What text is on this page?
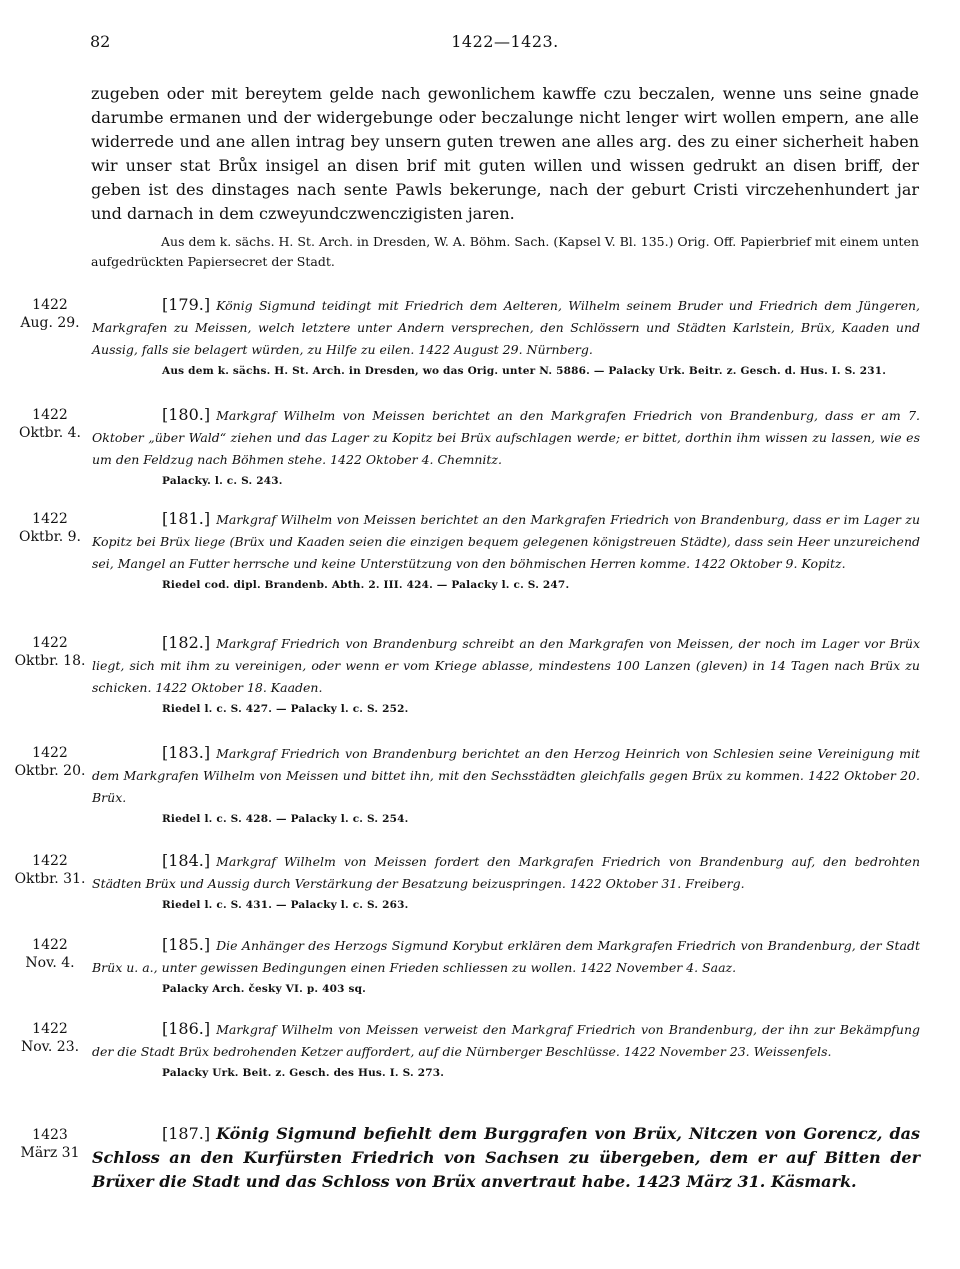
82	1422—1423.

zugeben oder mit bereytem gelde nach gewonlichem kawffe czu beczalen, wenne uns seine gnade darumbe ermanen und der widergebunge oder beczalunge nicht lenger wirt wollen empern, ane alle widerrede und ane allen intrag bey unsern guten trewen ane alles arg. des zu einer sicherheit haben wir unser stat Brůx insigel an disen brif mit guten willen und wissen gedrukt an disen briff, der geben ist des dinstages nach sente Pawls bekerunge, nach der geburt Cristi virczehenhundert jar und darnach in dem czweyundczwenczigisten jaren.

Aus dem k. sächs. H. St. Arch. in Dresden, W. A. Böhm. Sach. (Kapsel V. Bl. 135.) Orig. Off. Papierbrief mit einem unten aufgedrückten Papiersecret der Stadt.

1422
Aug. 29.

[179.] König Sigmund teidingt mit Friedrich dem Aelteren, Wilhelm seinem Bruder und Friedrich dem Jüngeren, Markgrafen zu Meissen, welch letztere unter Andern versprechen, den Schlössern und Städten Karlstein, Brüx, Kaaden und Aussig, falls sie belagert würden, zu Hilfe zu eilen. 1422 August 29. Nürnberg.

Aus dem k. sächs. H. St. Arch. in Dresden, wo das Orig. unter N. 5886. — Palacky Urk. Beitr. z. Gesch. d. Hus. I. S. 231.

1422
Oktbr. 4.

[180.] Markgraf Wilhelm von Meissen berichtet an den Markgrafen Friedrich von Brandenburg, dass er am 7. Oktober „über Wald“ ziehen und das Lager zu Kopitz bei Brüx aufschlagen werde; er bittet, dorthin ihm wissen zu lassen, wie es um den Feldzug nach Böhmen stehe. 1422 Oktober 4. Chemnitz.

Palacky. l. c. S. 243.

1422
Oktbr. 9.

[181.] Markgraf Wilhelm von Meissen berichtet an den Markgrafen Friedrich von Brandenburg, dass er im Lager zu Kopitz bei Brüx liege (Brüx und Kaaden seien die einzigen bequem gelegenen königstreuen Städte), dass sein Heer unzureichend sei, Mangel an Futter herrsche und keine Unterstützung von den böhmischen Herren komme. 1422 Oktober 9. Kopitz.

Riedel cod. dipl. Brandenb. Abth. 2. III. 424. — Palacky l. c. S. 247.

1422
Oktbr. 18.

[182.] Markgraf Friedrich von Brandenburg schreibt an den Markgrafen von Meissen, der noch im Lager vor Brüx liegt, sich mit ihm zu vereinigen, oder wenn er vom Kriege ablasse, mindestens 100 Lanzen (gleven) in 14 Tagen nach Brüx zu schicken. 1422 Oktober 18. Kaaden.

Riedel l. c. S. 427. — Palacky l. c. S. 252.

1422
Oktbr. 20.

[183.] Markgraf Friedrich von Brandenburg berichtet an den Herzog Heinrich von Schlesien seine Vereinigung mit dem Markgrafen Wilhelm von Meissen und bittet ihn, mit den Sechsstädten gleichfalls gegen Brüx zu kommen. 1422 Oktober 20. Brüx.

Riedel l. c. S. 428. — Palacky l. c. S. 254.

1422
Oktbr. 31.

[184.] Markgraf Wilhelm von Meissen fordert den Markgrafen Friedrich von Brandenburg auf, den bedrohten Städten Brüx und Aussig durch Verstärkung der Besatzung beizuspringen. 1422 Oktober 31. Freiberg.

Riedel l. c. S. 431. — Palacky l. c. S. 263.

1422
Nov. 4.

[185.] Die Anhänger des Herzogs Sigmund Korybut erklären dem Markgrafen Friedrich von Brandenburg, der Stadt Brüx u. a., unter gewissen Bedingungen einen Frieden schliessen zu wollen. 1422 November 4. Saaz.

Palacky Arch. česky VI. p. 403 sq.

1422
Nov. 23.

[186.] Markgraf Wilhelm von Meissen verweist den Markgraf Friedrich von Brandenburg, der ihn zur Bekämpfung der die Stadt Brüx bedrohenden Ketzer auffordert, auf die Nürnberger Beschlüsse. 1422 November 23. Weissenfels.

Palacky Urk. Beit. z. Gesch. des Hus. I. S. 273.

1423
März 31

[187.] König Sigmund befiehlt dem Burggrafen von Brüx, Nitczen von Gorencz, das Schloss an den Kurfürsten Friedrich von Sachsen zu übergeben, dem er auf Bitten der Brüxer die Stadt und das Schloss von Brüx anvertraut habe. 1423 März 31. Käsmark.
